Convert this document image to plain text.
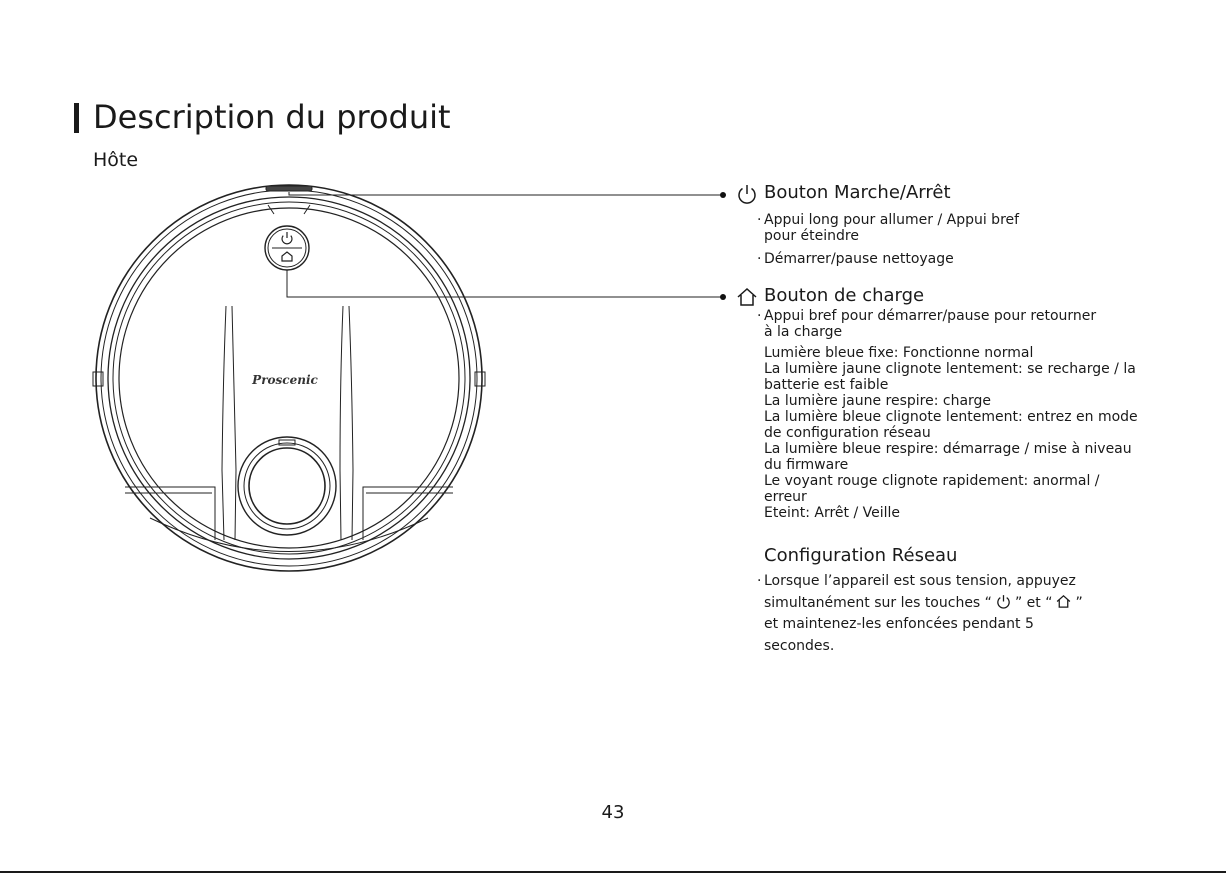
Description du produit
Hôte
Proscenic
Bouton Marche/Arrêt
· Appui long pour allumer / Appui bref
pour éteindre
· Démarrer/pause nettoyage
Bouton de charge
· Appui bref pour démarrer/pause pour retourner
à la charge
Lumière bleue fixe: Fonctionne normal
La lumière jaune clignote lentement: se recharge / la
batterie est faible
La lumière jaune respire: charge
La lumière bleue clignote lentement: entrez en mode
de configuration réseau
La lumière bleue respire: démarrage / mise à niveau
du firmware
Le voyant rouge clignote rapidement: anormal /
erreur
Eteint: Arrêt / Veille
Configuration Réseau
· Lorsque l’appareil est sous tension, appuyez
simultanément sur les touches “ ” et “ ”
et maintenez-les enfoncées pendant 5
secondes.
43
